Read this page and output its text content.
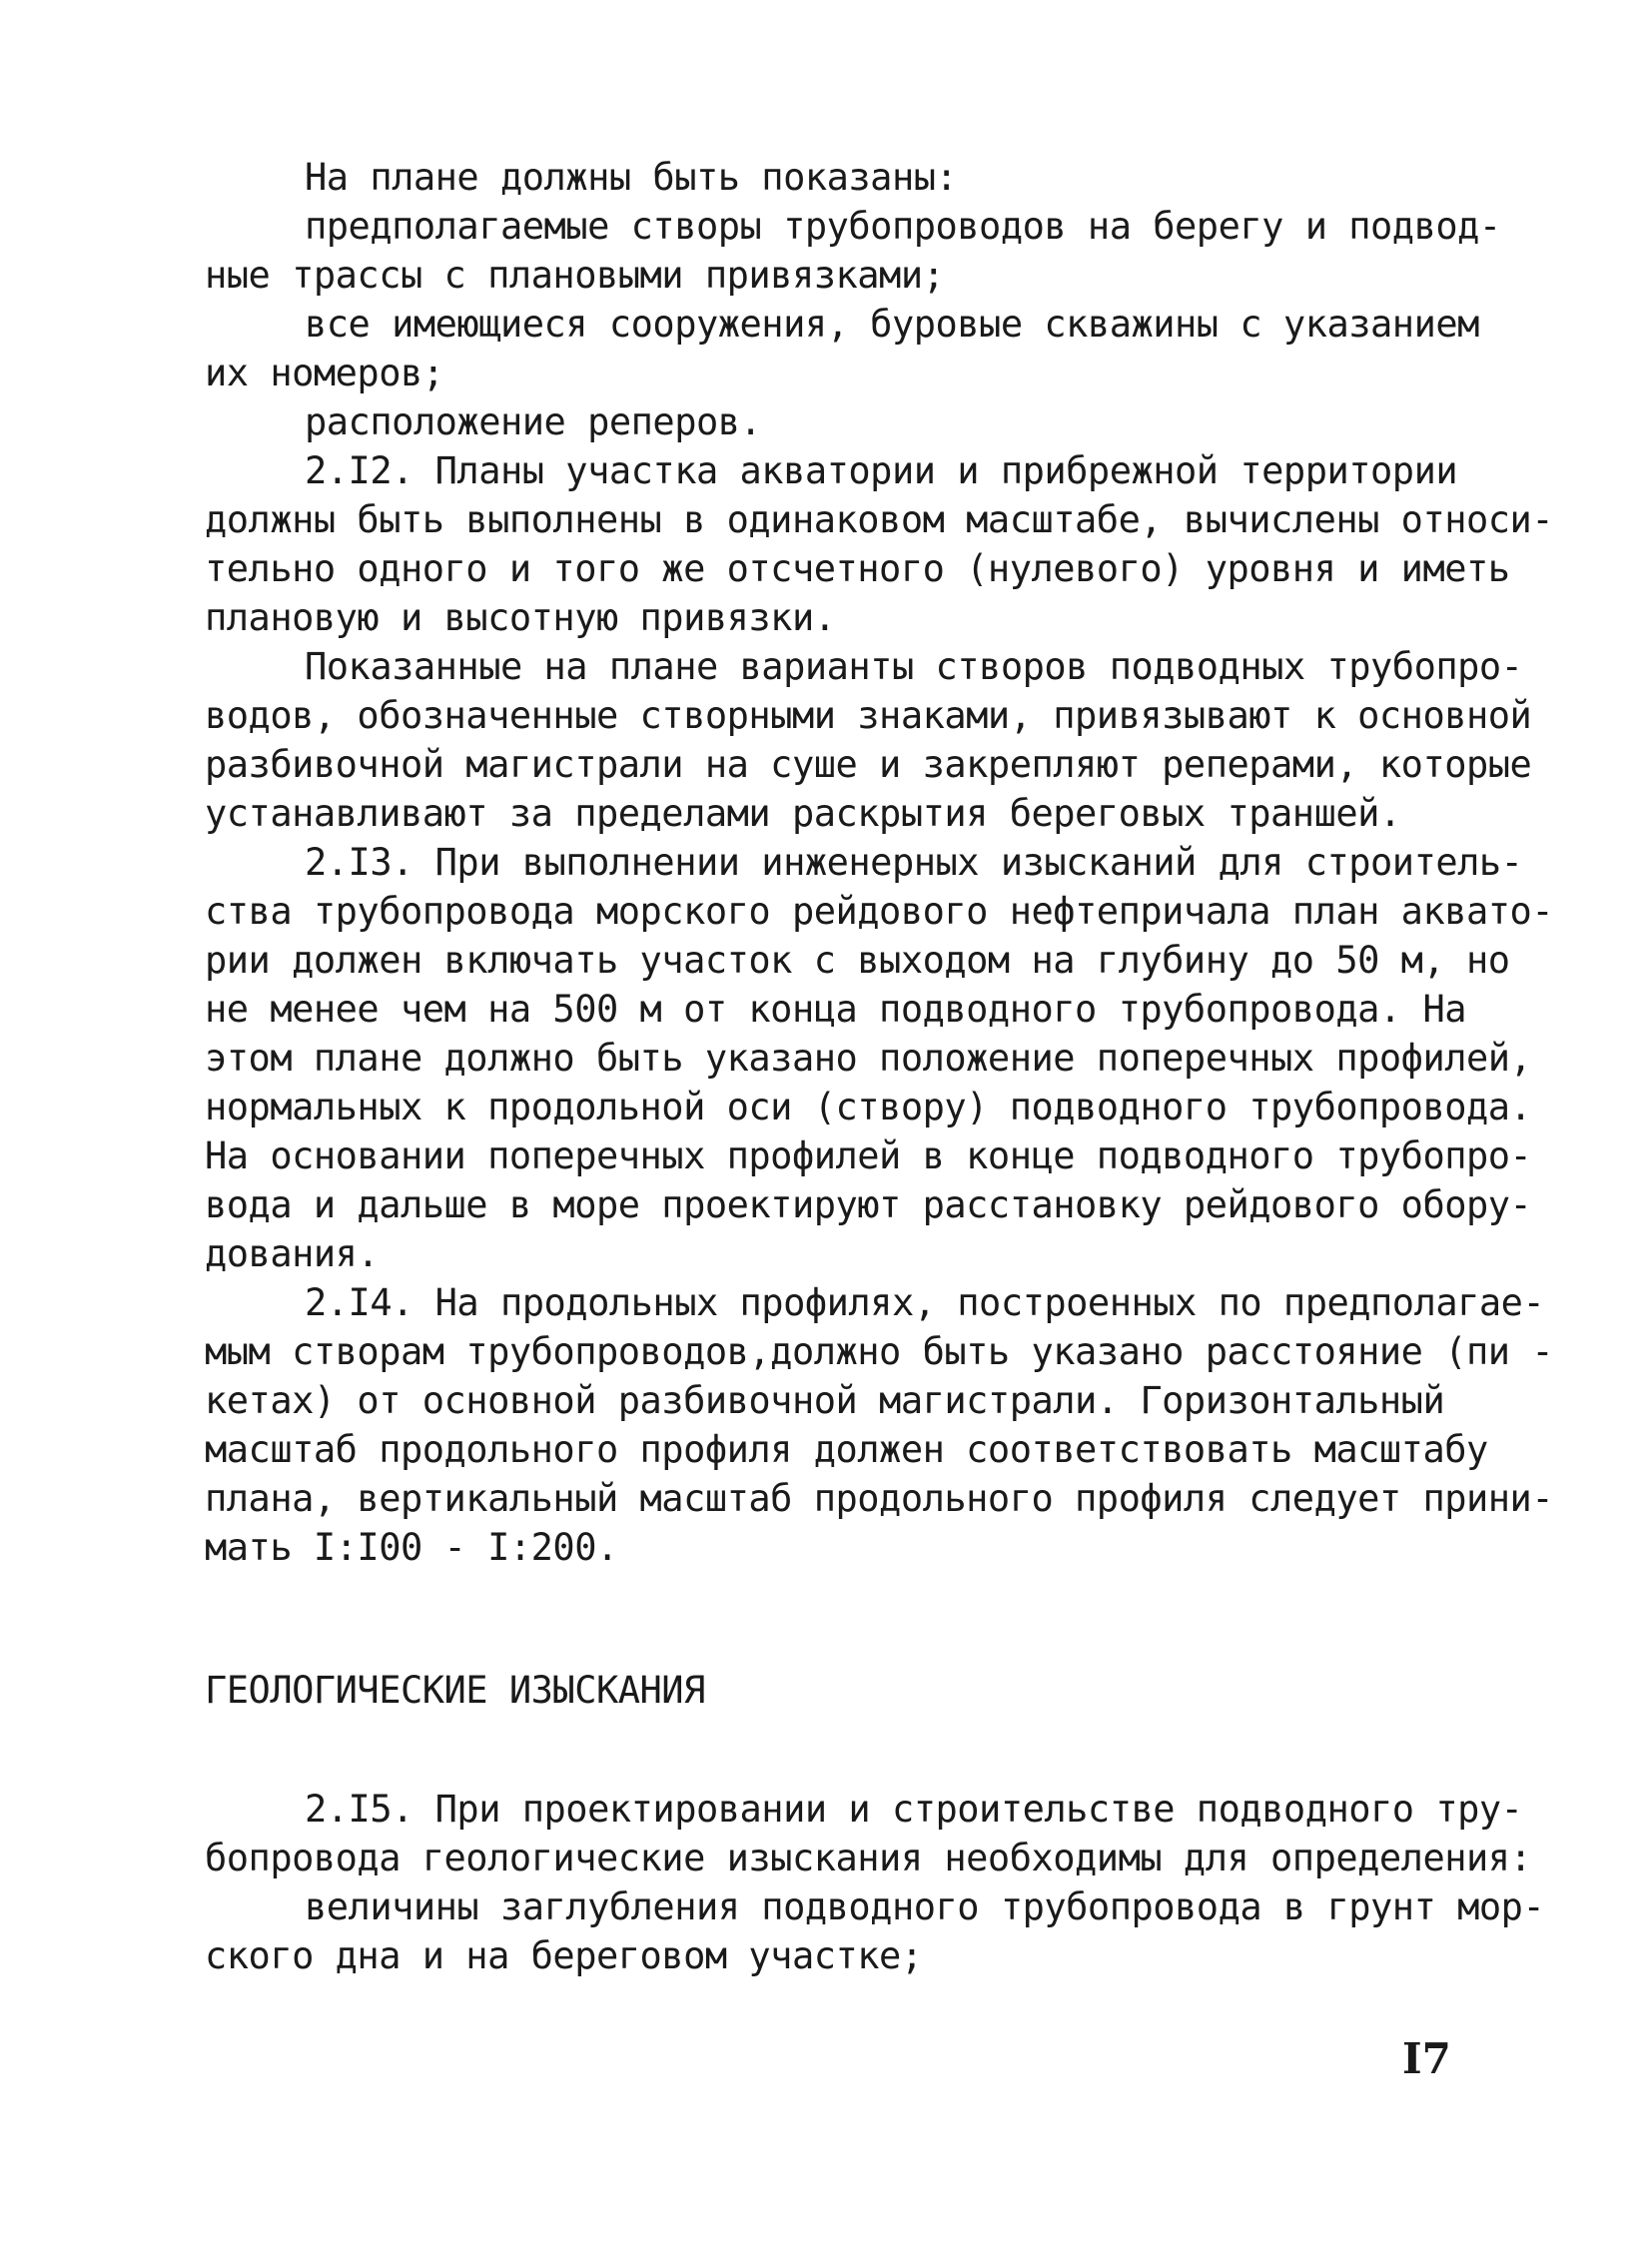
На плане должны быть показаны:
предполагаемые створы трубопроводов на берегу и подвод-
ные трассы с плановыми привязками;
все имеющиеся сооружения, буровые скважины с указанием
их номеров;
расположение реперов.
2.I2. Планы участка акватории и прибрежной территории
должны быть выполнены в одинаковом масштабе, вычислены относи-
тельно одного и того же отсчетного (нулевого) уровня и иметь
плановую и высотную привязки.
Показанные на плане варианты створов подводных трубопро-
водов, обозначенные створными знаками, привязывают к основной
разбивочной магистрали на суше и закрепляют реперами, которые
устанавливают за пределами раскрытия береговых траншей.
2.I3. При выполнении инженерных изысканий для строитель-
ства трубопровода морского рейдового нефтепричала план аквато-
рии должен включать участок с выходом на глубину до 50 м, но
не менее чем на 500 м от конца подводного трубопровода. На
этом плане должно быть указано положение поперечных профилей,
нормальных к продольной оси (створу) подводного трубопровода.
На основании поперечных профилей в конце подводного трубопро-
вода и дальше в море проектируют расстановку рейдового обору-
дования.
2.I4. На продольных профилях, построенных по предполагае-
мым створам трубопроводов,должно быть указано расстояние (пи -
кетах) от основной разбивочной магистрали. Горизонтальный
масштаб продольного профиля должен соответствовать масштабу
плана, вертикальный масштаб продольного профиля следует прини-
мать I:I00 - I:200.
ГЕОЛОГИЧЕСКИЕ ИЗЫСКАНИЯ
2.I5. При проектировании и строительстве подводного тру-
бопровода геологические изыскания необходимы для определения:
величины заглубления подводного трубопровода в грунт мор-
ского дна и на береговом участке;
I7
